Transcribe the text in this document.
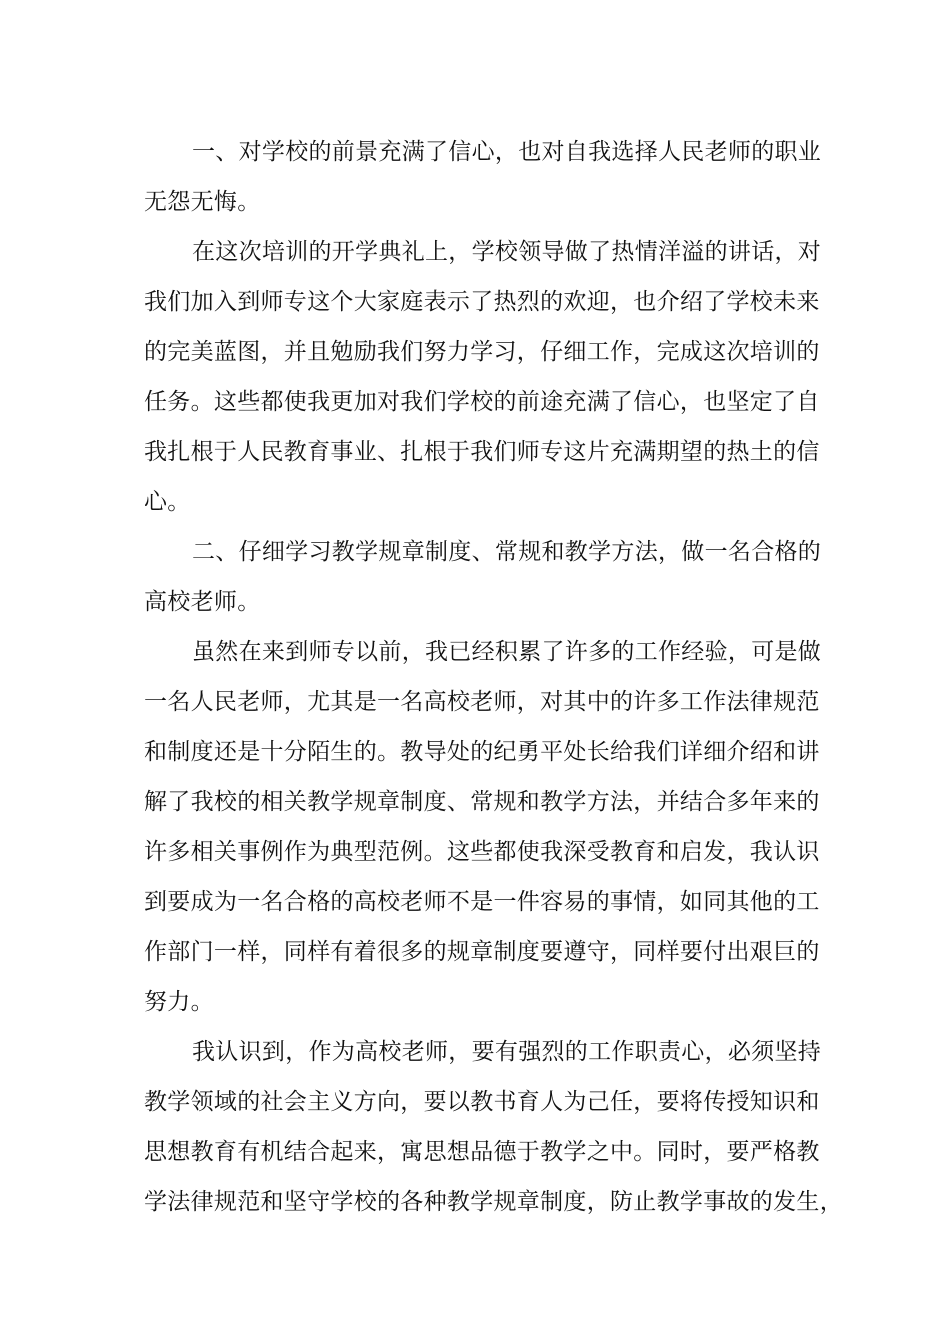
一、对学校的前景充满了信心，也对自我选择人民老师的职业
无怨无悔。
在这次培训的开学典礼上，学校领导做了热情洋溢的讲话，对
我们加入到师专这个大家庭表示了热烈的欢迎，也介绍了学校未来
的完美蓝图，并且勉励我们努力学习，仔细工作，完成这次培训的
任务。这些都使我更加对我们学校的前途充满了信心，也坚定了自
我扎根于人民教育事业、扎根于我们师专这片充满期望的热土的信
心。
二、仔细学习教学规章制度、常规和教学方法，做一名合格的
高校老师。
虽然在来到师专以前，我已经积累了许多的工作经验，可是做
一名人民老师，尤其是一名高校老师，对其中的许多工作法律规范
和制度还是十分陌生的。教导处的纪勇平处长给我们详细介绍和讲
解了我校的相关教学规章制度、常规和教学方法，并结合多年来的
许多相关事例作为典型范例。这些都使我深受教育和启发，我认识
到要成为一名合格的高校老师不是一件容易的事情，如同其他的工
作部门一样，同样有着很多的规章制度要遵守，同样要付出艰巨的
努力。
我认识到，作为高校老师，要有强烈的工作职责心，必须坚持
教学领域的社会主义方向，要以教书育人为己任，要将传授知识和
思想教育有机结合起来，寓思想品德于教学之中。同时，要严格教
学法律规范和坚守学校的各种教学规章制度，防止教学事故的发生，
